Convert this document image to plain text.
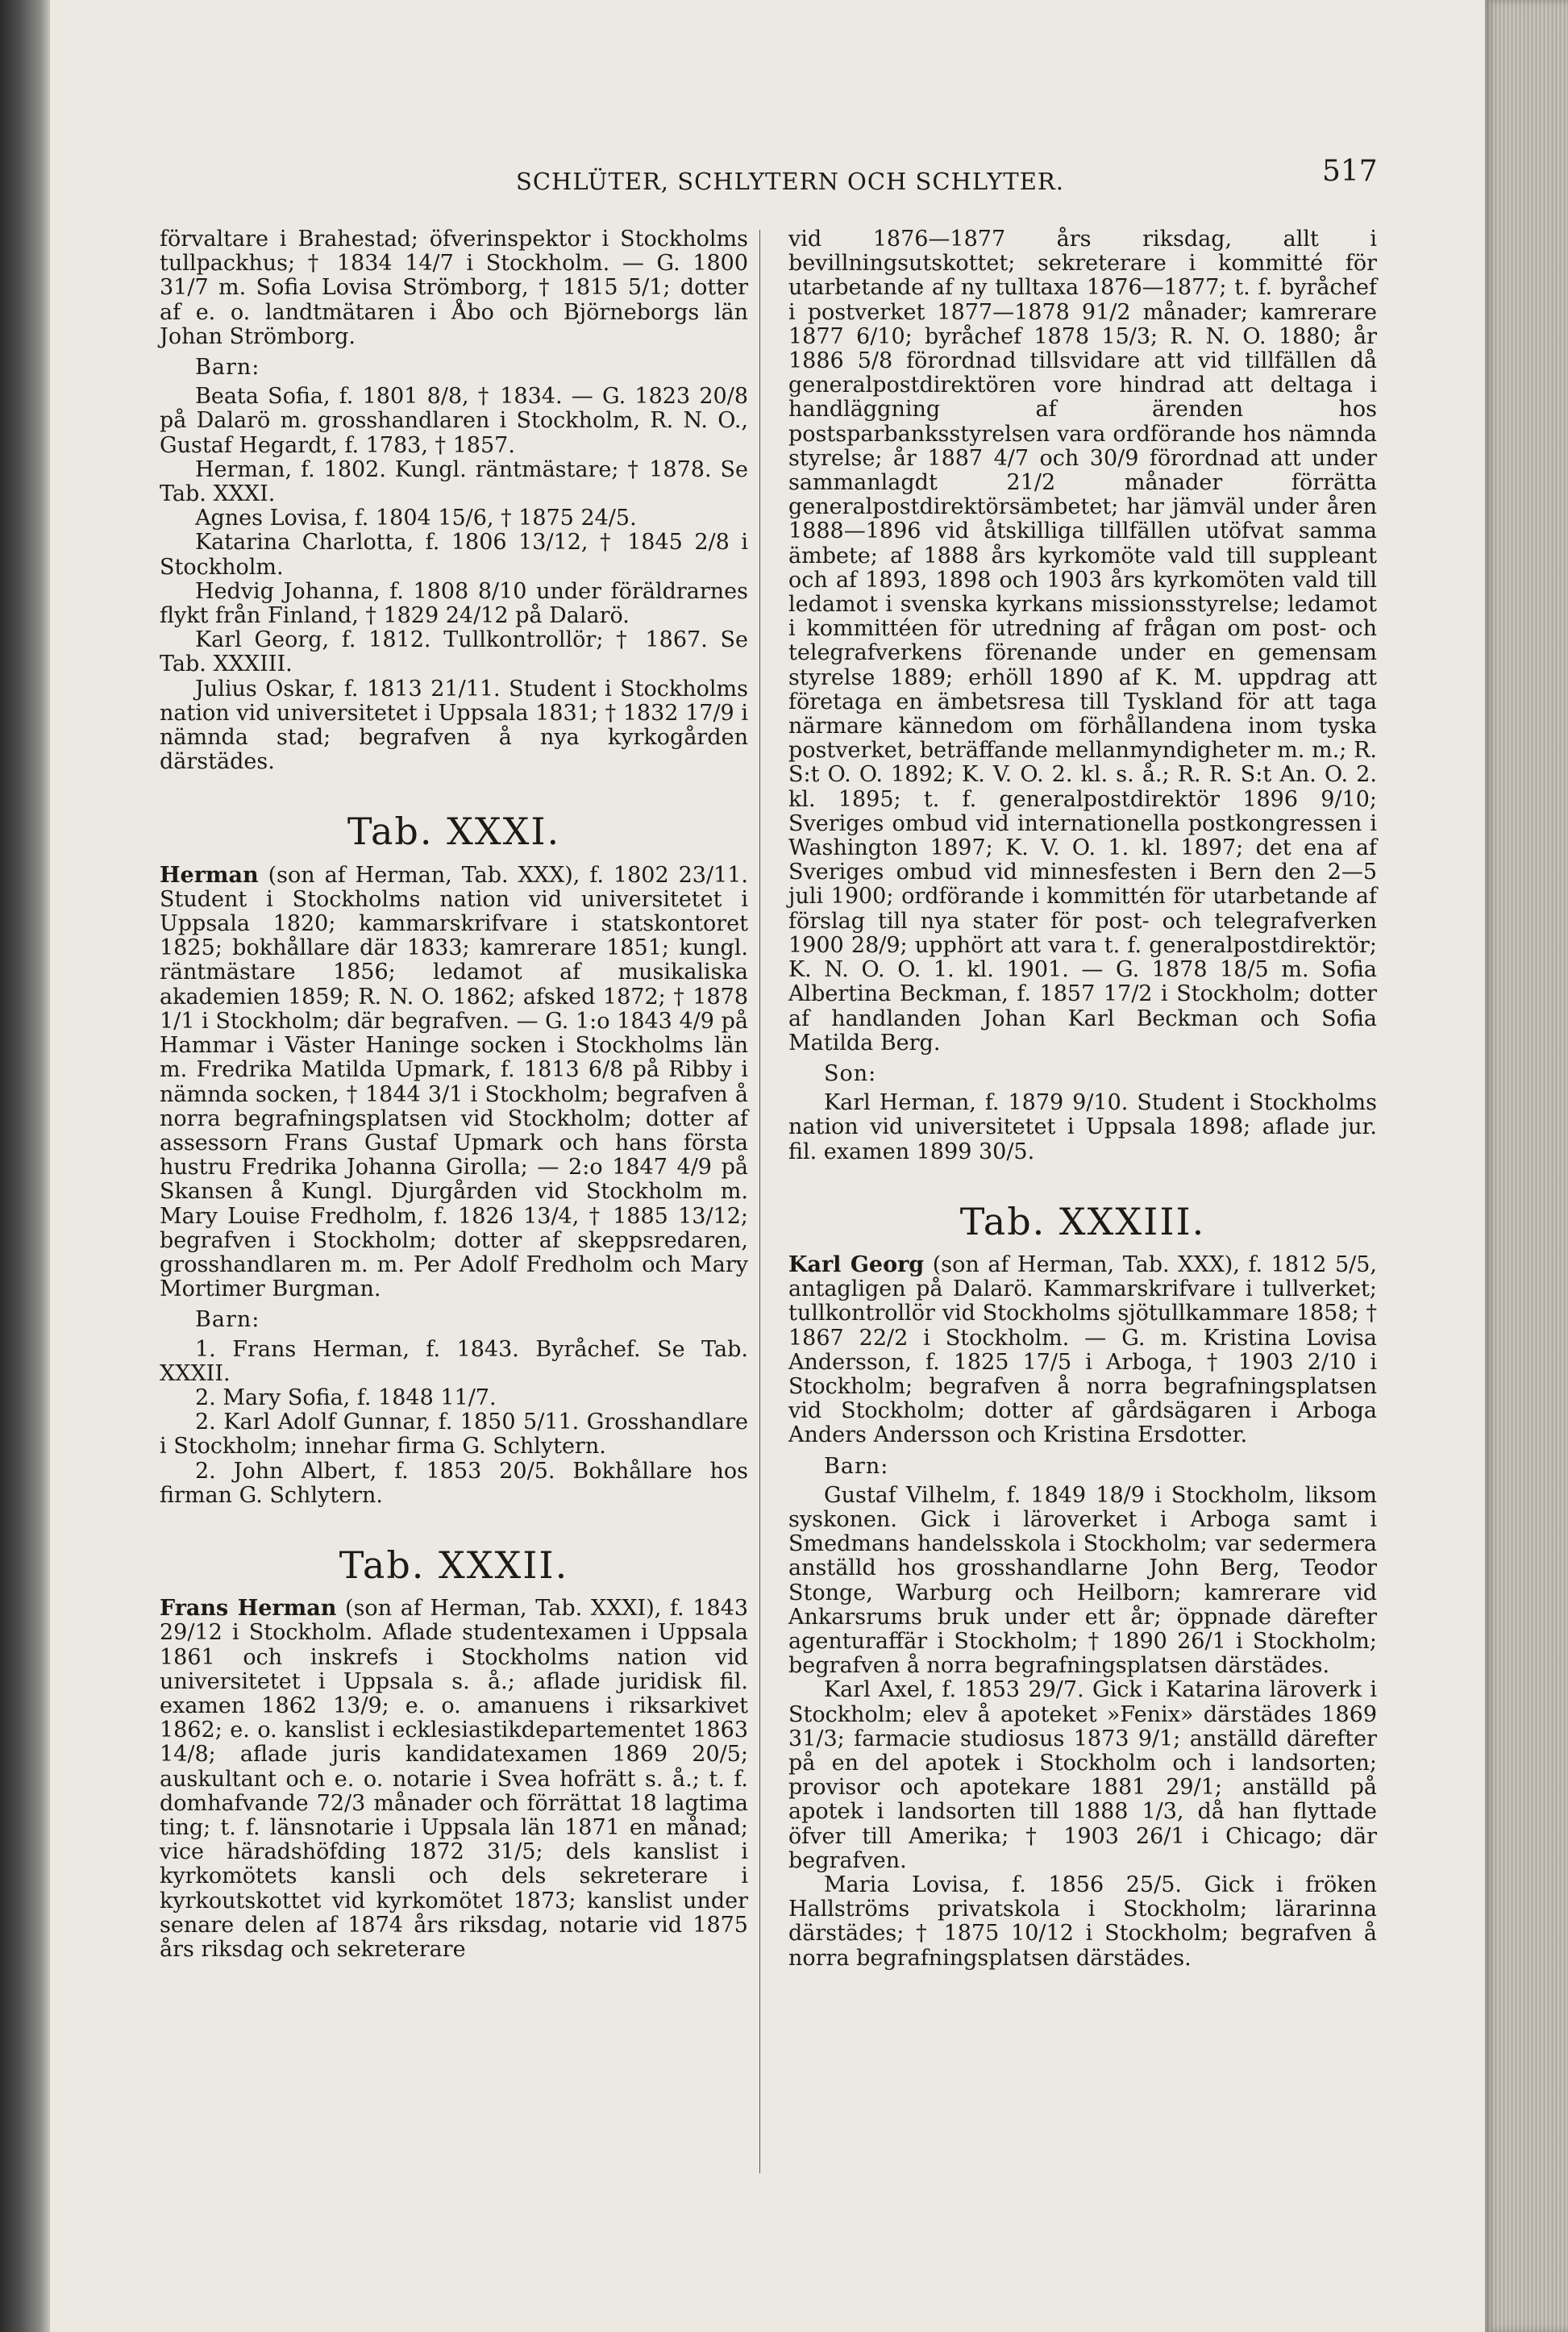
SCHLÜTER, SCHLYTERN OCH SCHLYTER.	517

förvaltare i Brahestad; öfverinspektor i Stockholms tullpackhus; † 1834 14/7 i Stockholm. — G. 1800 31/7 m. Sofia Lovisa Strömborg, † 1815 5/1; dotter af e. o. landtmätaren i Åbo och Björneborgs län Johan Strömborg.

Barn:

Beata Sofia, f. 1801 8/8, † 1834. — G. 1823 20/8 på Dalarö m. grosshandlaren i Stockholm, R. N. O., Gustaf Hegardt, f. 1783, † 1857.

Herman, f. 1802. Kungl. räntmästare; † 1878. Se Tab. XXXI.

Agnes Lovisa, f. 1804 15/6, † 1875 24/5.

Katarina Charlotta, f. 1806 13/12, † 1845 2/8 i Stockholm.

Hedvig Johanna, f. 1808 8/10 under föräldrarnes flykt från Finland, † 1829 24/12 på Dalarö.

Karl Georg, f. 1812. Tullkontrollör; † 1867. Se Tab. XXXIII.

Julius Oskar, f. 1813 21/11. Student i Stockholms nation vid universitetet i Uppsala 1831; † 1832 17/9 i nämnda stad; begrafven å nya kyrkogården därstädes.

Tab. XXXI.

Herman (son af Herman, Tab. XXX), f. 1802 23/11. Student i Stockholms nation vid universitetet i Uppsala 1820; kammarskrifvare i statskontoret 1825; bokhållare där 1833; kamrerare 1851; kungl. räntmästare 1856; ledamot af musikaliska akademien 1859; R. N. O. 1862; afsked 1872; † 1878 1/1 i Stockholm; där begrafven. — G. 1:o 1843 4/9 på Hammar i Väster Haninge socken i Stockholms län m. Fredrika Matilda Upmark, f. 1813 6/8 på Ribby i nämnda socken, † 1844 3/1 i Stockholm; begrafven å norra begrafningsplatsen vid Stockholm; dotter af assessorn Frans Gustaf Upmark och hans första hustru Fredrika Johanna Girolla; — 2:o 1847 4/9 på Skansen å Kungl. Djurgården vid Stockholm m. Mary Louise Fredholm, f. 1826 13/4, † 1885 13/12; begrafven i Stockholm; dotter af skeppsredaren, grosshandlaren m. m. Per Adolf Fredholm och Mary Mortimer Burgman.

Barn:

1. Frans Herman, f. 1843. Byråchef. Se Tab. XXXII.

2. Mary Sofia, f. 1848 11/7.

2. Karl Adolf Gunnar, f. 1850 5/11. Grosshandlare i Stockholm; innehar firma G. Schlytern.

2. John Albert, f. 1853 20/5. Bokhållare hos firman G. Schlytern.

Tab. XXXII.

Frans Herman (son af Herman, Tab. XXXI), f. 1843 29/12 i Stockholm. Aflade studentexamen i Uppsala 1861 och inskrefs i Stockholms nation vid universitetet i Uppsala s. å.; aflade juridisk fil. examen 1862 13/9; e. o. amanuens i riksarkivet 1862; e. o. kanslist i ecklesiastikdepartementet 1863 14/8; aflade juris kandidatexamen 1869 20/5; auskultant och e. o. notarie i Svea hofrätt s. å.; t. f. domhafvande 72/3 månader och förrättat 18 lagtima ting; t. f. länsnotarie i Uppsala län 1871 en månad; vice häradshöfding 1872 31/5; dels kanslist i kyrkomötets kansli och dels sekreterare i kyrkoutskottet vid kyrkomötet 1873; kanslist under senare delen af 1874 års riksdag, notarie vid 1875 års riksdag och sekreterare

vid 1876—1877 års riksdag, allt i bevillningsutskottet; sekreterare i kommitté för utarbetande af ny tulltaxa 1876—1877; t. f. byråchef i postverket 1877—1878 91/2 månader; kamrerare 1877 6/10; byråchef 1878 15/3; R. N. O. 1880; år 1886 5/8 förordnad tillsvidare att vid tillfällen då generalpostdirektören vore hindrad att deltaga i handläggning af ärenden hos postsparbanksstyrelsen vara ordförande hos nämnda styrelse; år 1887 4/7 och 30/9 förordnad att under sammanlagdt 21/2 månader förrätta generalpostdirektörsämbetet; har jämväl under åren 1888—1896 vid åtskilliga tillfällen utöfvat samma ämbete; af 1888 års kyrkomöte vald till suppleant och af 1893, 1898 och 1903 års kyrkomöten vald till ledamot i svenska kyrkans missionsstyrelse; ledamot i kommittéen för utredning af frågan om post- och telegrafverkens förenande under en gemensam styrelse 1889; erhöll 1890 af K. M. uppdrag att företaga en ämbetsresa till Tyskland för att taga närmare kännedom om förhållandena inom tyska postverket, beträffande mellanmyndigheter m. m.; R. S:t O. O. 1892; K. V. O. 2. kl. s. å.; R. R. S:t An. O. 2. kl. 1895; t. f. generalpostdirektör 1896 9/10; Sveriges ombud vid internationella postkongressen i Washington 1897; K. V. O. 1. kl. 1897; det ena af Sveriges ombud vid minnesfesten i Bern den 2—5 juli 1900; ordförande i kommittén för utarbetande af förslag till nya stater för post- och telegrafverken 1900 28/9; upphört att vara t. f. generalpostdirektör; K. N. O. O. 1. kl. 1901. — G. 1878 18/5 m. Sofia Albertina Beckman, f. 1857 17/2 i Stockholm; dotter af handlanden Johan Karl Beckman och Sofia Matilda Berg.

Son:

Karl Herman, f. 1879 9/10. Student i Stockholms nation vid universitetet i Uppsala 1898; aflade jur. fil. examen 1899 30/5.

Tab. XXXIII.

Karl Georg (son af Herman, Tab. XXX), f. 1812 5/5, antagligen på Dalarö. Kammarskrifvare i tullverket; tullkontrollör vid Stockholms sjötullkammare 1858; † 1867 22/2 i Stockholm. — G. m. Kristina Lovisa Andersson, f. 1825 17/5 i Arboga, † 1903 2/10 i Stockholm; begrafven å norra begrafningsplatsen vid Stockholm; dotter af gårdsägaren i Arboga Anders Andersson och Kristina Ersdotter.

Barn:

Gustaf Vilhelm, f. 1849 18/9 i Stockholm, liksom syskonen. Gick i läroverket i Arboga samt i Smedmans handelsskola i Stockholm; var sedermera anställd hos grosshandlarne John Berg, Teodor Stonge, Warburg och Heilborn; kamrerare vid Ankarsrums bruk under ett år; öppnade därefter agenturaffär i Stockholm; † 1890 26/1 i Stockholm; begrafven å norra begrafningsplatsen därstädes.

Karl Axel, f. 1853 29/7. Gick i Katarina läroverk i Stockholm; elev å apoteket »Fenix» därstädes 1869 31/3; farmacie studiosus 1873 9/1; anställd därefter på en del apotek i Stockholm och i landsorten; provisor och apotekare 1881 29/1; anställd på apotek i landsorten till 1888 1/3, då han flyttade öfver till Amerika; † 1903 26/1 i Chicago; där begrafven.

Maria Lovisa, f. 1856 25/5. Gick i fröken Hallströms privatskola i Stockholm; lärarinna därstädes; † 1875 10/12 i Stockholm; begrafven å norra begrafningsplatsen därstädes.
